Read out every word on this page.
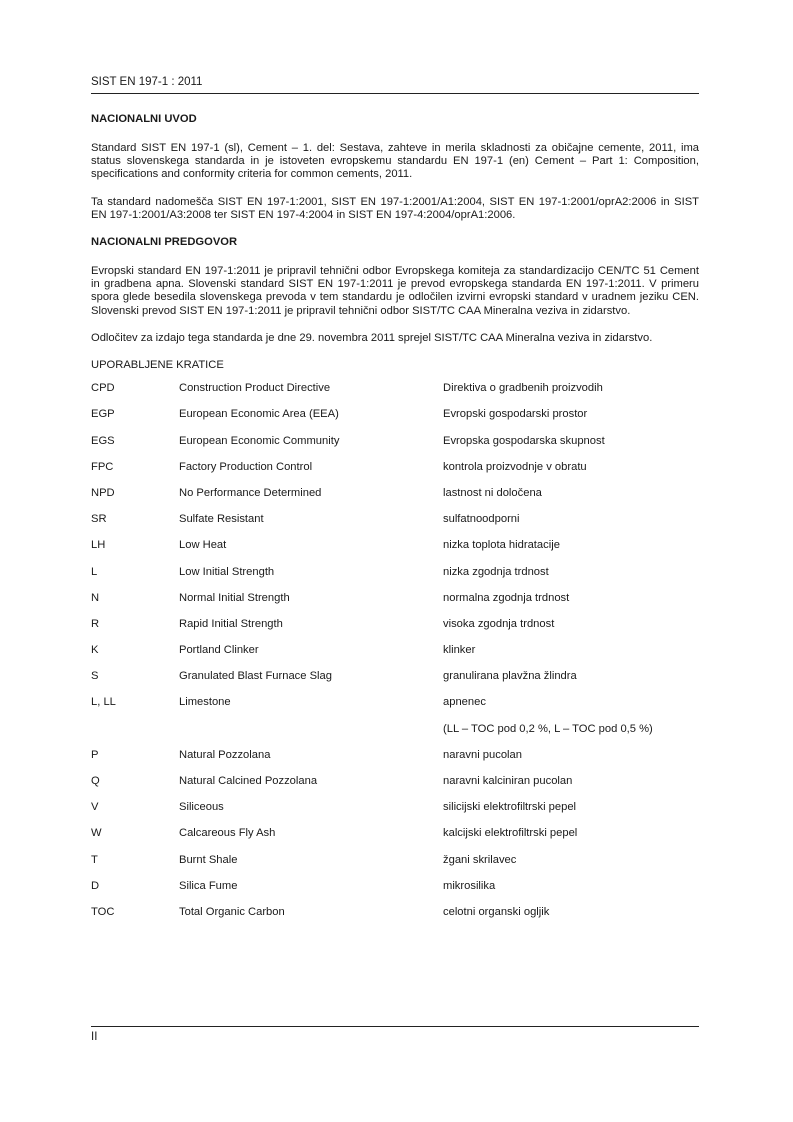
SIST EN 197-1 : 2011
NACIONALNI UVOD

Standard SIST EN 197-1 (sl), Cement – 1. del: Sestava, zahteve in merila skladnosti za običajne cemente, 2011, ima status slovenskega standarda in je istoveten evropskemu standardu EN 197-1 (en) Cement – Part 1: Composition, specifications and conformity criteria for common cements, 2011.

Ta standard nadomešča SIST EN 197-1:2001, SIST EN 197-1:2001/A1:2004, SIST EN 197-1:2001/oprA2:2006 in SIST EN 197-1:2001/A3:2008 ter SIST EN 197-4:2004 in SIST EN 197-4:2004/oprA1:2006.

NACIONALNI PREDGOVOR

Evropski standard EN 197-1:2011 je pripravil tehnični odbor Evropskega komiteja za standardizacijo CEN/TC 51 Cement in gradbena apna. Slovenski standard SIST EN 197-1:2011 je prevod evropskega standarda EN 197-1:2011. V primeru spora glede besedila slovenskega prevoda v tem standardu je odločilen izvirni evropski standard v uradnem jeziku CEN. Slovenski prevod SIST EN 197-1:2011 je pripravil tehnični odbor SIST/TC CAA Mineralna veziva in zidarstvo.

Odločitev za izdajo tega standarda je dne 29. novembra 2011 sprejel SIST/TC CAA Mineralna veziva in zidarstvo.

UPORABLJENE KRATICE
CPD	Construction Product Directive	Direktiva o gradbenih proizvodih
EGP	European Economic Area (EEA)	Evropski gospodarski prostor
EGS	European Economic Community	Evropska gospodarska skupnost
FPC	Factory Production Control	kontrola proizvodnje v obratu
NPD	No Performance Determined	lastnost ni določena
SR	Sulfate Resistant	sulfatnoodporni
LH	Low Heat	nizka toplota hidratacije
L	Low Initial Strength	nizka zgodnja trdnost
N	Normal Initial Strength	normalna zgodnja trdnost
R	Rapid Initial Strength	visoka zgodnja trdnost
K	Portland Clinker	klinker
S	Granulated Blast Furnace Slag	granulirana plavžna žlindra
L, LL	Limestone	apnenec
		(LL – TOC pod 0,2 %, L – TOC pod 0,5 %)
P	Natural Pozzolana	naravni pucolan
Q	Natural Calcined Pozzolana	naravni kalciniran pucolan
V	Siliceous	silicijski elektrofiltrski pepel
W	Calcareous Fly Ash	kalcijski elektrofiltrski pepel
T	Burnt Shale	žgani skrilavec
D	Silica Fume	mikrosilika
TOC	Total Organic Carbon	celotni organski ogljik
II
